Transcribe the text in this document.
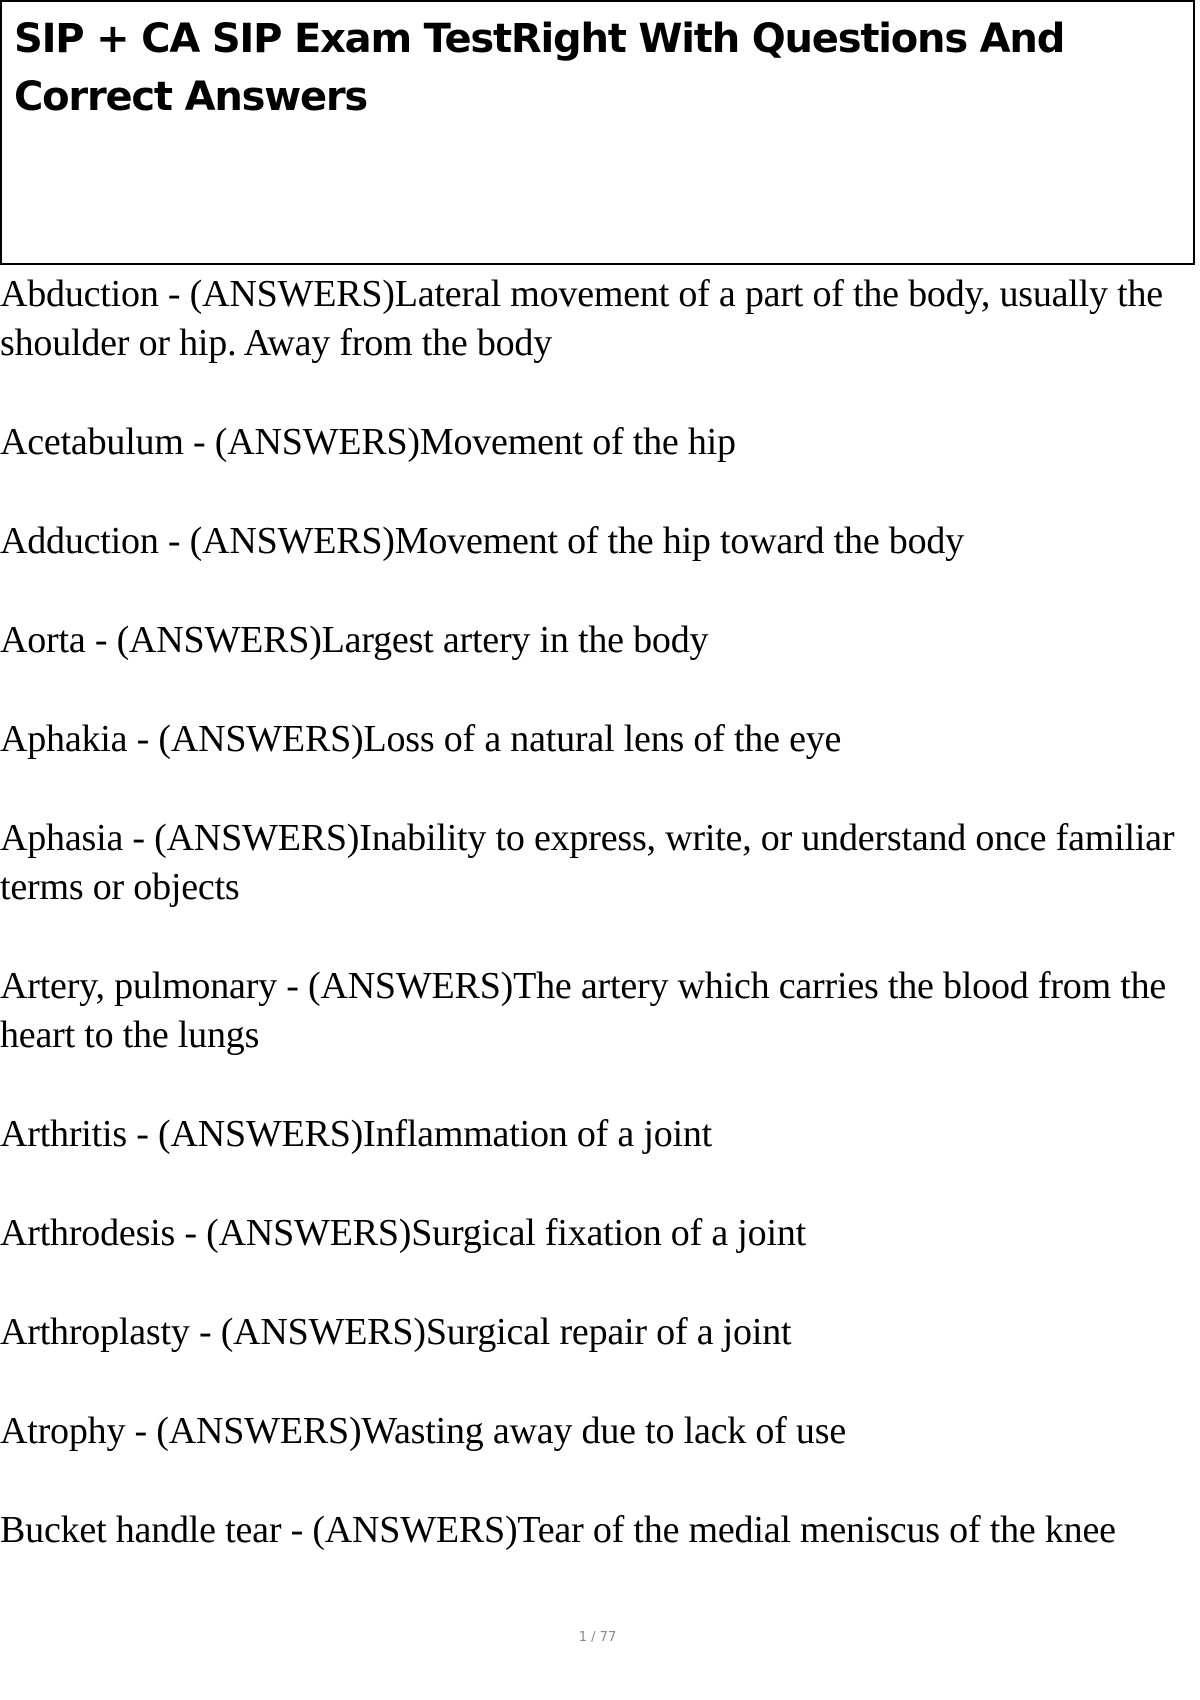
SIP + CA SIP Exam TestRight With Questions And Correct Answers
Abduction - (ANSWERS)Lateral movement of a part of the body, usually the shoulder or hip. Away from the body
Acetabulum - (ANSWERS)Movement of the hip
Adduction - (ANSWERS)Movement of the hip toward the body
Aorta - (ANSWERS)Largest artery in the body
Aphakia - (ANSWERS)Loss of a natural lens of the eye
Aphasia - (ANSWERS)Inability to express, write, or understand once familiar terms or objects
Artery, pulmonary - (ANSWERS)The artery which carries the blood from the heart to the lungs
Arthritis - (ANSWERS)Inflammation of a joint
Arthrodesis - (ANSWERS)Surgical fixation of a joint
Arthroplasty - (ANSWERS)Surgical repair of a joint
Atrophy - (ANSWERS)Wasting away due to lack of use
Bucket handle tear - (ANSWERS)Tear of the medial meniscus of the knee
1 / 77
